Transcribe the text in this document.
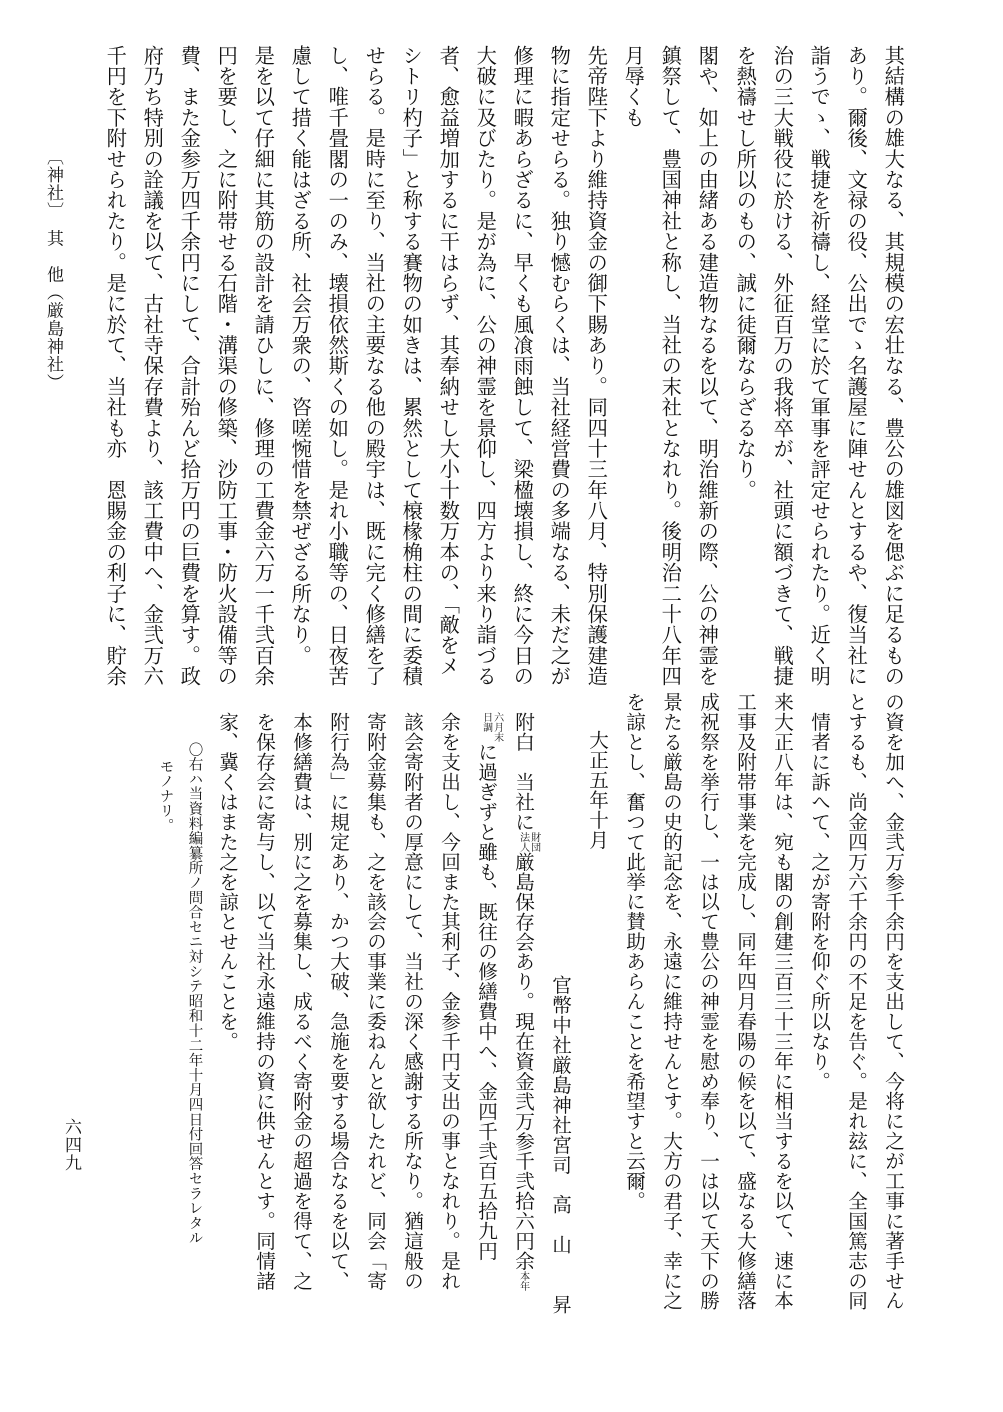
其結構の雄大なる、其規模の宏壮なる、豊公の雄図を偲ぶに足るもの
あり。爾後、文禄の役、公出でゝ名護屋に陣せんとするや、復当社に
詣うでゝ、戦捷を祈禱し、経堂に於て軍事を評定せられたり。近く明
治の三大戦役に於ける、外征百万の我将卒が、社頭に額づきて、戦捷
を熱禱せし所以のもの、誠に徒爾ならざるなり。
閣や、如上の由緒ある建造物なるを以て、明治維新の際、公の神霊を
鎮祭して、豊国神社と称し、当社の末社となれり。後明治二十八年四
月辱くも
先帝陛下より維持資金の御下賜あり。同四十三年八月、特別保護建造
物に指定せらる。独り憾むらくは、当社経営費の多端なる、未だ之が
修理に暇あらざるに、早くも風飡雨蝕して、梁楹壊損し、終に今日の
大破に及びたり。是が為に、公の神霊を景仰し、四方より来り詣づる
者、愈益増加するに干はらず、其奉納せし大小十数万本の、「敵をメ
シトリ杓子」と称する賽物の如きは、累然として榱椽桷柱の間に委積
せらる。是時に至り、当社の主要なる他の殿宇は、既に完く修繕を了
し、唯千畳閣の一のみ、壊損依然斯くの如し。是れ小職等の、日夜苦
慮して措く能はざる所、社会万衆の、咨嗟惋惜を禁ぜざる所なり。
是を以て仔細に其筋の設計を請ひしに、修理の工費金六万一千弐百余
円を要し、之に附帯せる石階・溝渠の修築、沙防工事・防火設備等の
費、また金参万四千余円にして、合計殆んど拾万円の巨費を算す。政
府乃ち特別の詮議を以て、古社寺保存費より、該工費中へ、金弐万六
千円を下附せられたり。是に於て、当社も亦　恩賜金の利子に、貯余
〔神社〕　其　他（厳島神社）
の資を加へ、金弐万参千余円を支出して、今将に之が工事に著手せん
とするも、尚金四万六千余円の不足を告ぐ。是れ玆に、全国篤志の同
情者に訴へて、之が寄附を仰ぐ所以なり。
来大正八年は、宛も閣の創建三百三十三年に相当するを以て、速に本
工事及附帯事業を完成し、同年四月春陽の候を以て、盛なる大修繕落
成祝祭を挙行し、一は以て豊公の神霊を慰め奉り、一は以て天下の勝
景たる厳島の史的記念を、永遠に維持せんとす。大方の君子、幸に之
を諒とし、奮つて此挙に賛助あらんことを希望すと云爾。
大正五年十月
官幣中社厳島神社宮司　高　山　　昇
附白　当社に財団
法人厳島保存会あり。現在資金弐万参千弐拾六円余本年
六月末
日調に過ぎずと雖も、既往の修繕費中へ、金四千弐百五拾九円
余を支出し、今回また其利子、金参千円支出の事となれり。是れ
該会寄附者の厚意にして、当社の深く感謝する所なり。猶這般の
寄附金募集も、之を該会の事業に委ねんと欲したれど、同会「寄
附行為」に規定あり、かつ大破、急施を要する場合なるを以て、
本修繕費は、別に之を募集し、成るべく寄附金の超過を得て、之
を保存会に寄与し、以て当社永遠維持の資に供せんとす。同情諸
家、冀くはまた之を諒とせんことを。
〇右ハ当資料編纂所ノ問合セニ対シテ昭和十二年十月四日付回答セラレタル
モノナリ。
六四九
